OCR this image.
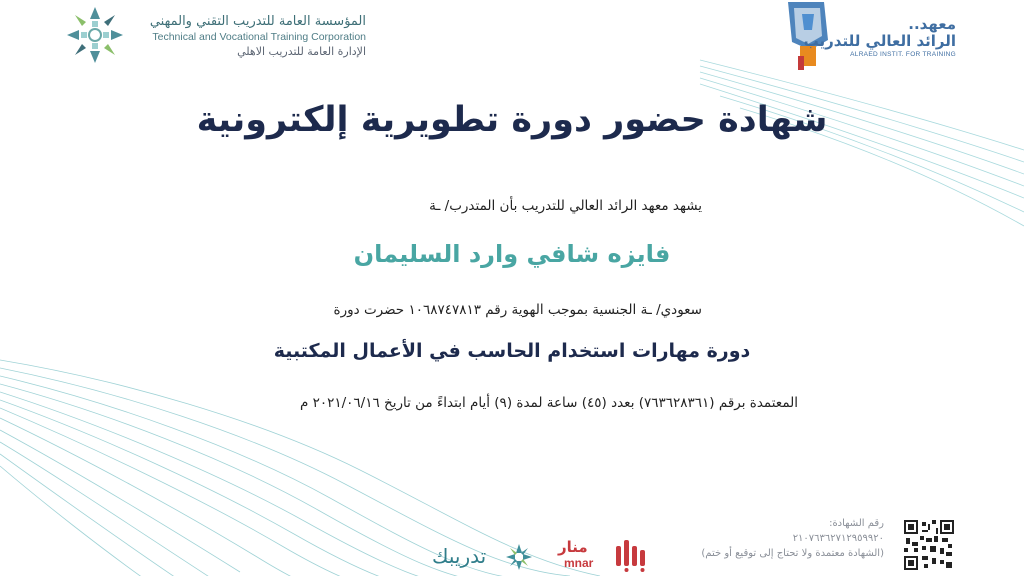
المؤسسة العامة للتدريب التقني والمهني
Technical and Vocational Training Corporation
الإدارة العامة للتدريب الاهلي
معهد..
الرائد العالي للتدريب
ALRAED INSTIT. FOR TRAINING
شهادة حضور دورة تطويرية إلكترونية
يشهد معهد الرائد العالي للتدريب بأن المتدرب/ ـة
فايزه شافي وارد السليمان
سعودي/ ـة الجنسية بموجب الهوية رقم ١٠٦٨٧٤٧٨١٣ حضرت دورة
دورة مهارات استخدام الحاسب في الأعمال المكتبية
المعتمدة برقم (٧٦٣٦٢٨٣٦١) بعدد (٤٥) ساعة لمدة (٩) أيام ابتداءً من تاريخ ٢٠٢١/٠٦/١٦ م
رقم الشهادة:
٢١٠٧٦٣٦٢٧١٢٩٥٩٩٢٠
(الشهادة معتمدة ولا تحتاج إلى توقيع أو ختم)
منار
mnar
تدريبك
